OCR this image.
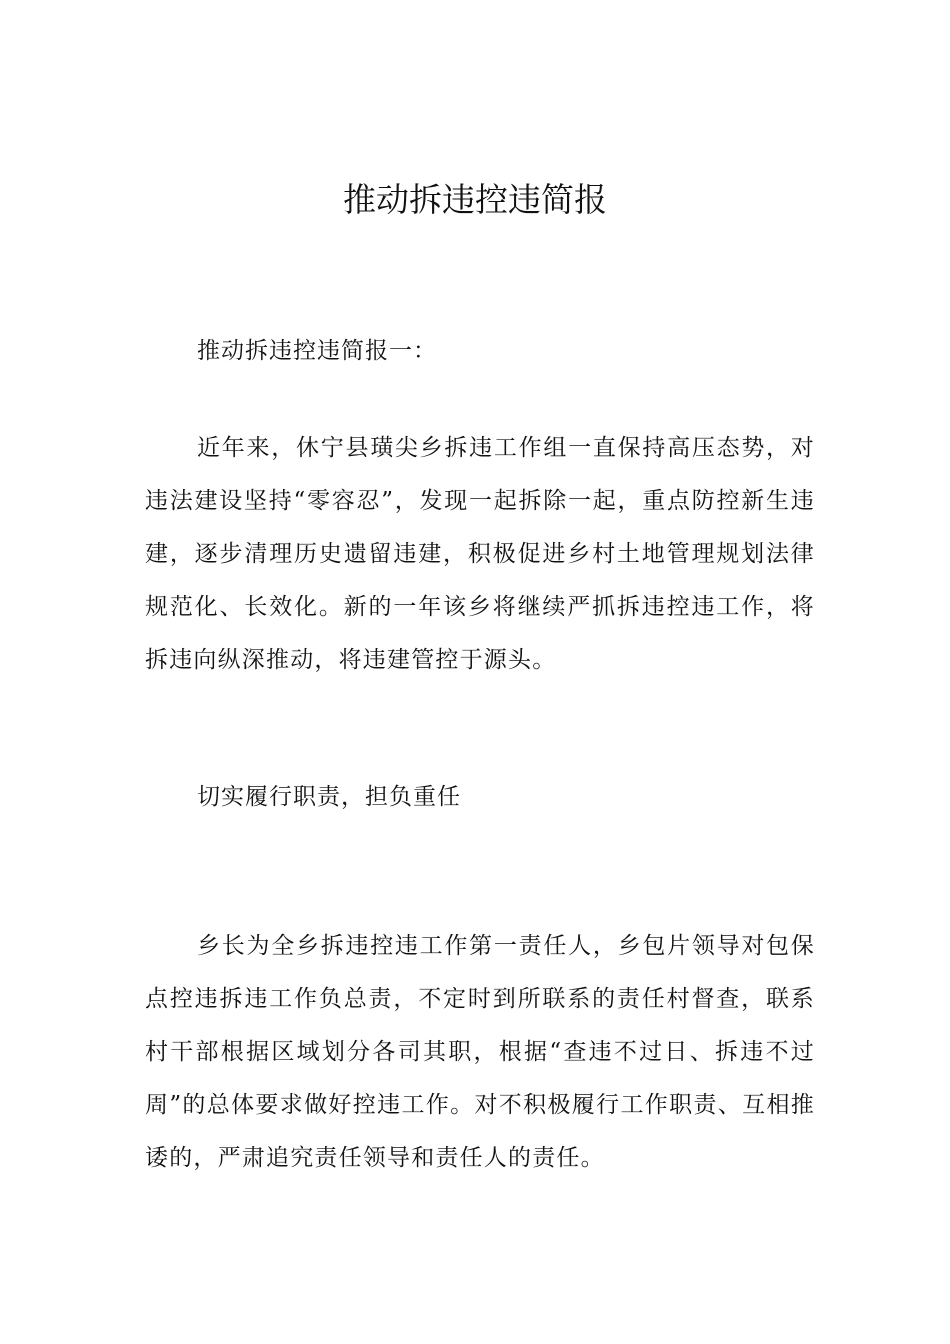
推动拆违控违简报

推动拆违控违简报一：

近年来，休宁县璜尖乡拆违工作组一直保持高压态势，对违法建设坚持“零容忍”，发现一起拆除一起，重点防控新生违建，逐步清理历史遗留违建，积极促进乡村土地管理规划法律规范化、长效化。新的一年该乡将继续严抓拆违控违工作，将拆违向纵深推动，将违建管控于源头。

切实履行职责，担负重任

乡长为全乡拆违控违工作第一责任人，乡包片领导对包保点控违拆违工作负总责，不定时到所联系的责任村督查，联系村干部根据区域划分各司其职，根据“查违不过日、拆违不过周”的总体要求做好控违工作。对不积极履行工作职责、互相推诿的，严肃追究责任领导和责任人的责任。
